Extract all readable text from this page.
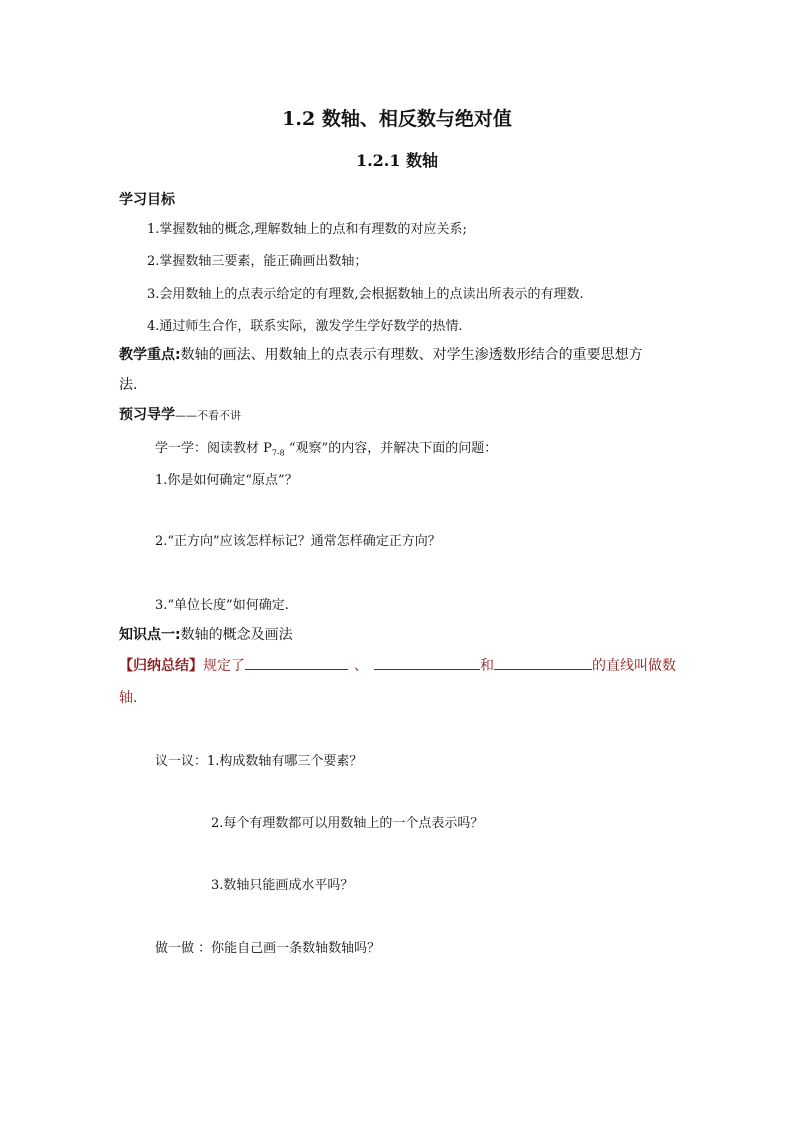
1.2 数轴、相反数与绝对值
1.2.1 数轴
学习目标
1.掌握数轴的概念,理解数轴上的点和有理数的对应关系;
2.掌握数轴三要素，能正确画出数轴；
3.会用数轴上的点表示给定的有理数,会根据数轴上的点读出所表示的有理数.
4.通过师生合作，联系实际，激发学生学好数学的热情.
教学重点:数轴的画法、用数轴上的点表示有理数、对学生渗透数形结合的重要思想方
法.
预习导学——不看不讲
学一学：阅读教材 $P_{7-8}$ “观察”的内容，并解决下面的问题：
1.你是如何确定“原点”？
2.“正方向”应该怎样标记？通常怎样确定正方向？
3.“单位长度”如何确定.
知识点一:数轴的概念及画法
【归纳总结】规定了	、	和	的直线叫做数
轴.
议一议：1.构成数轴有哪三个要素？
2.每个有理数都可以用数轴上的一个点表示吗？
3.数轴只能画成水平吗？
做一做 ：你能自己画一条数轴数轴吗？
